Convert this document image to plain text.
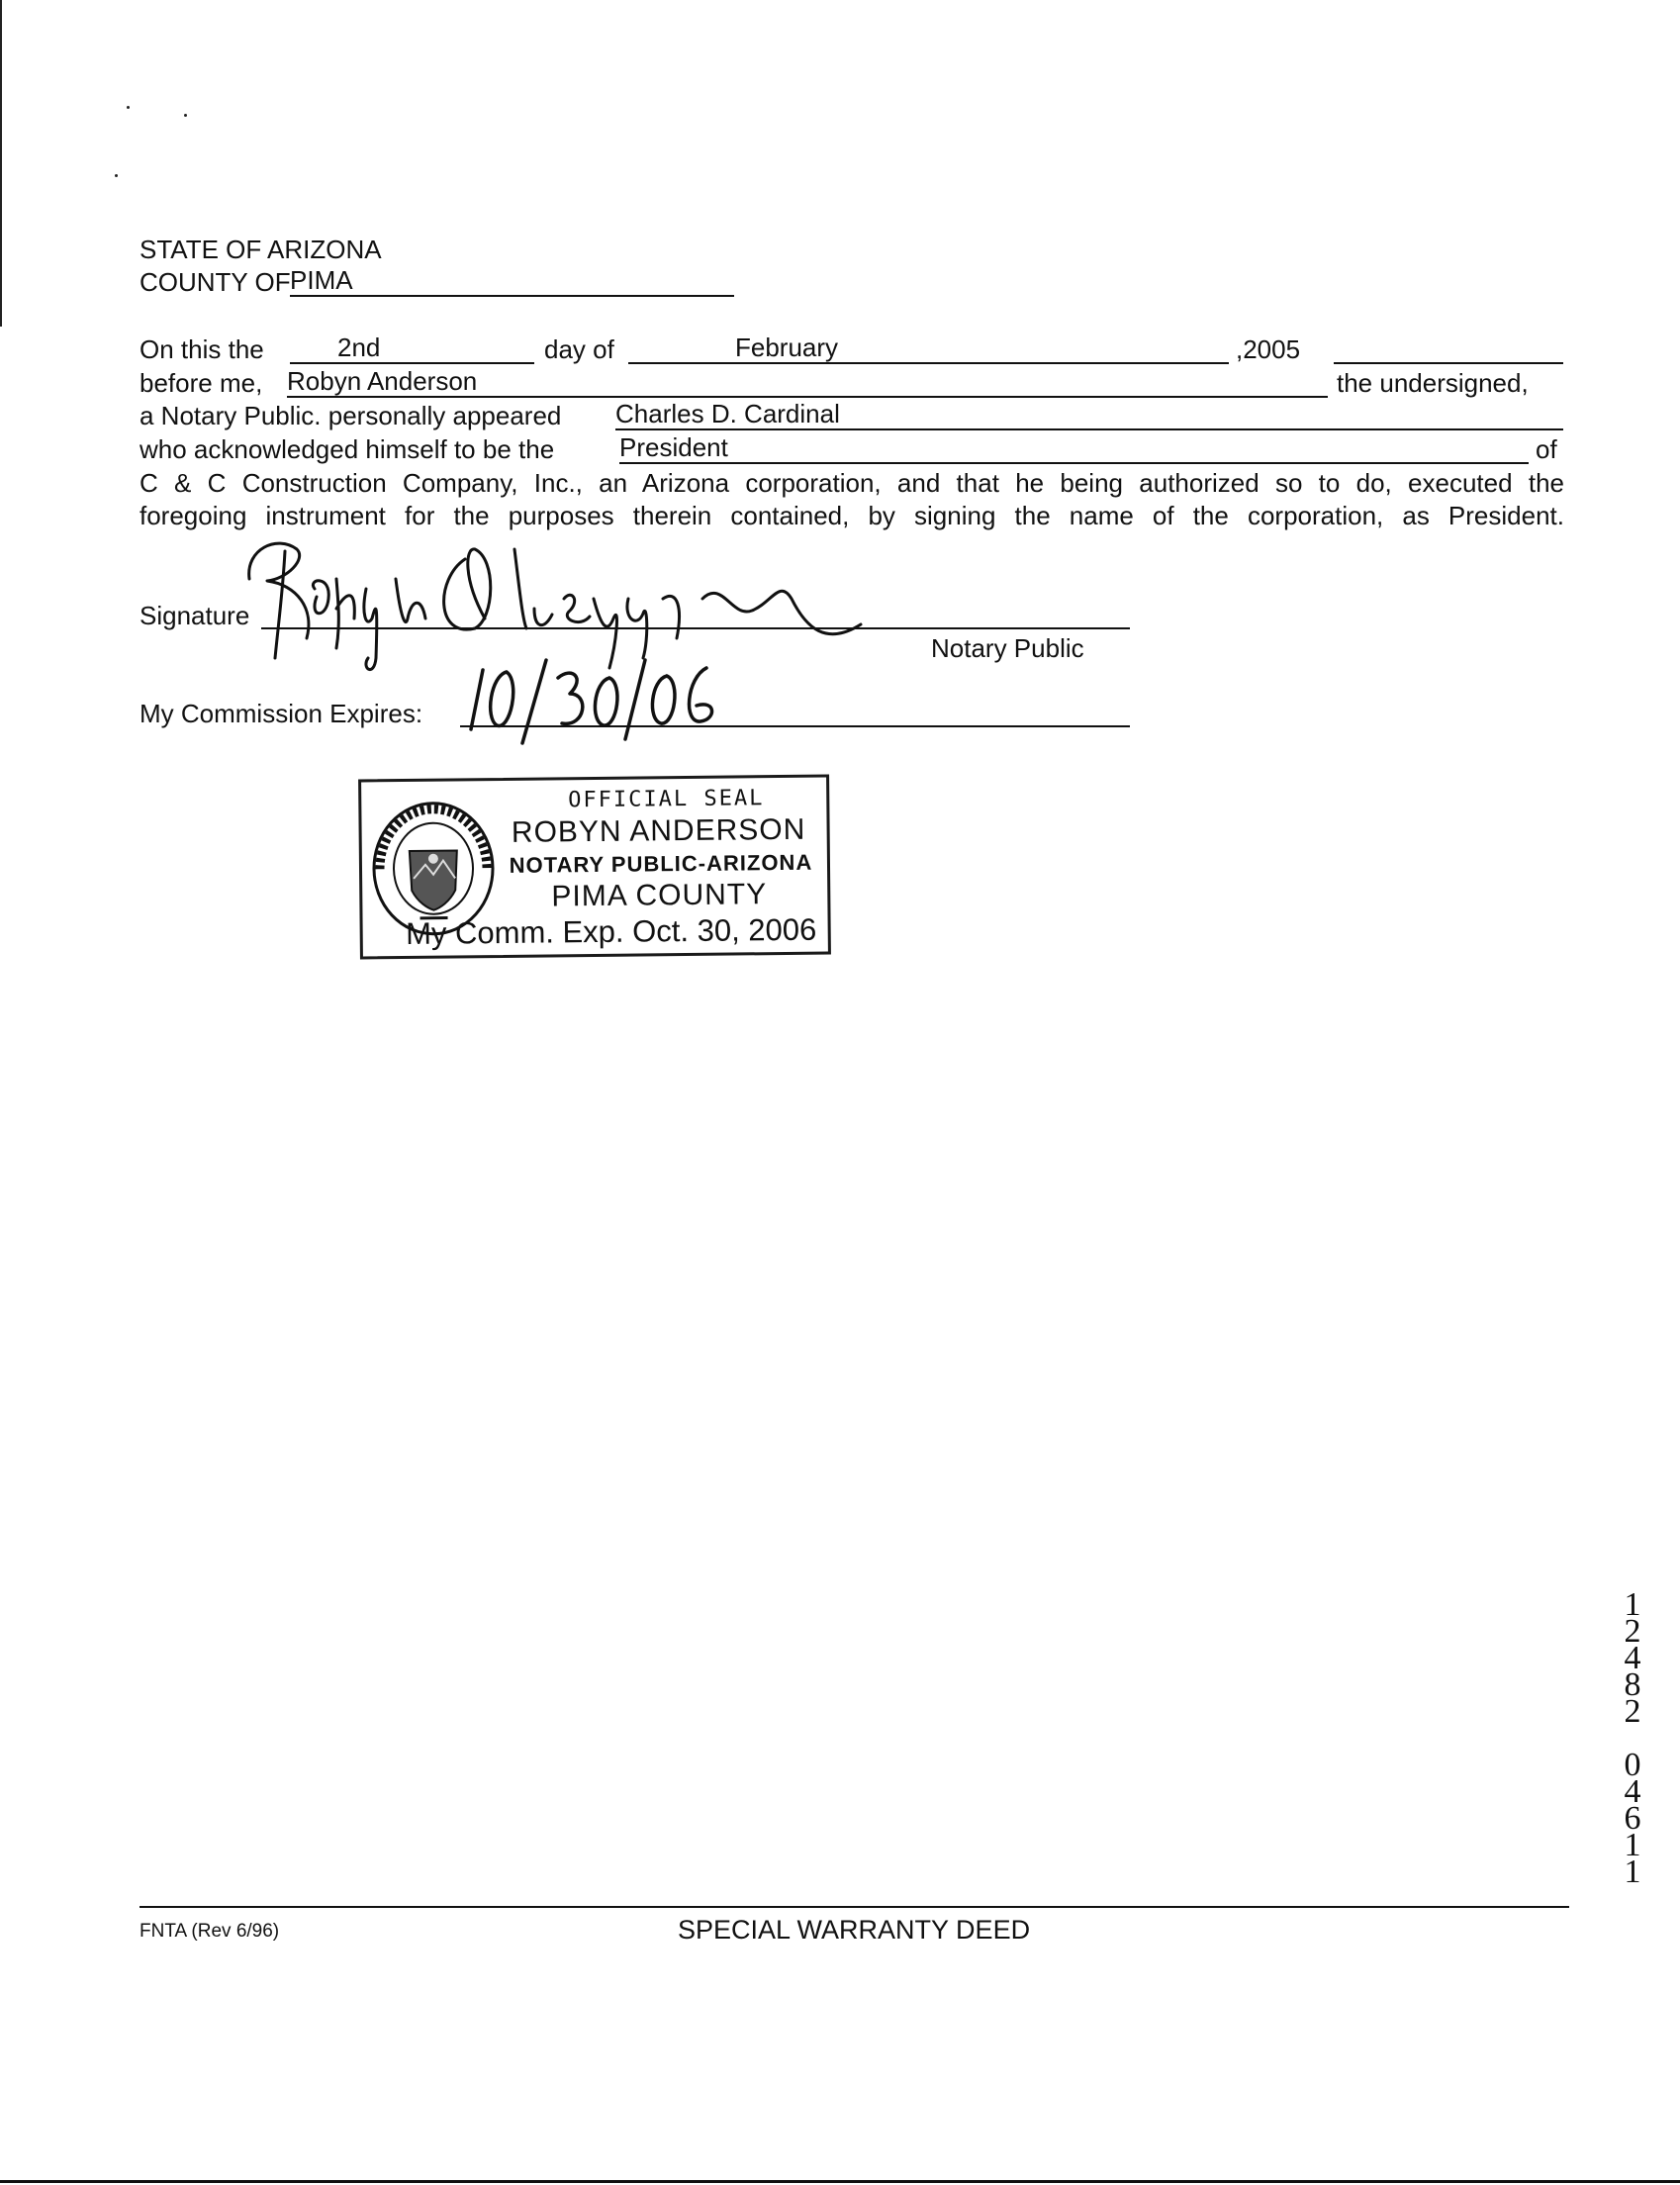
STATE OF ARIZONA
COUNTY OF PIMA
On this the	2nd	day of	February	,2005
before me, Robyn Anderson	the undersigned,
a Notary Public. personally appeared Charles D. Cardinal
who acknowledged himself to be the	President	of
C & C Construction Company, Inc., an Arizona corporation, and that he being authorized so to do, executed the
foregoing instrument for the purposes therein contained, by signing the name of the corporation, as President.
Signature
Notary Public
My Commission Expires:
OFFICIAL SEAL
ROBYN ANDERSON
NOTARY PUBLIC-ARIZONA
PIMA COUNTY
My Comm. Exp. Oct. 30, 2006
1
2
4
8
2

0
4
6
1
1
FNTA (Rev 6/96)	SPECIAL WARRANTY DEED
